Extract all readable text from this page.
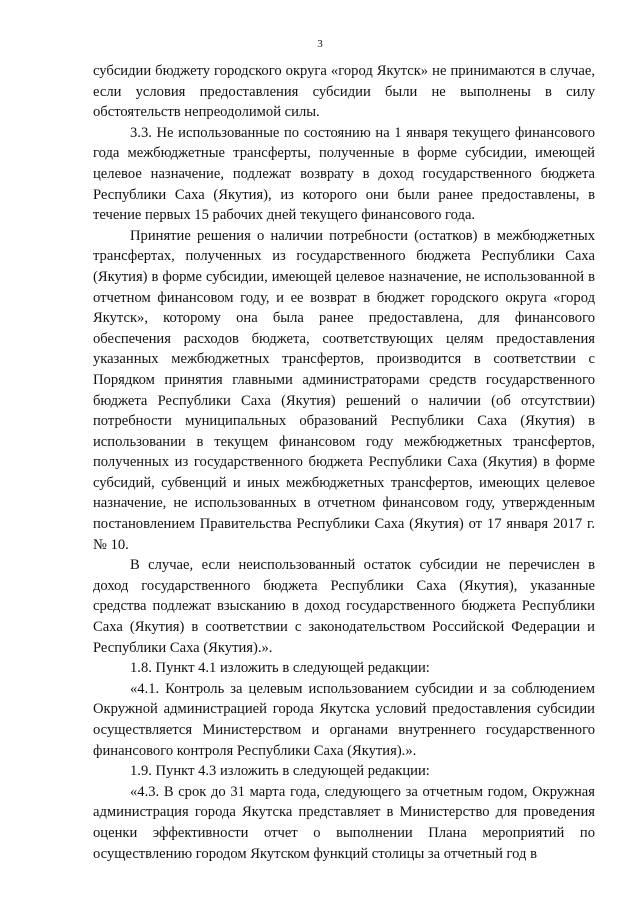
3

субсидии бюджету городского округа «город Якутск» не принимаются в случае, если условия предоставления субсидии были не выполнены в силу обстоятельств непреодолимой силы.

3.3. Не использованные по состоянию на 1 января текущего финансового года межбюджетные трансферты, полученные в форме субсидии, имеющей целевое назначение, подлежат возврату в доход государственного бюджета Республики Саха (Якутия), из которого они были ранее предоставлены, в течение первых 15 рабочих дней текущего финансового года.

Принятие решения о наличии потребности (остатков) в межбюджетных трансфертах, полученных из государственного бюджета Республики Саха (Якутия) в форме субсидии, имеющей целевое назначение, не использованной в отчетном финансовом году, и ее возврат в бюджет городского округа «город Якутск», которому она была ранее предоставлена, для финансового обеспечения расходов бюджета, соответствующих целям предоставления указанных межбюджетных трансфертов, производится в соответствии с Порядком принятия главными администраторами средств государственного бюджета Республики Саха (Якутия) решений о наличии (об отсутствии) потребности муниципальных образований Республики Саха (Якутия) в использовании в текущем финансовом году межбюджетных трансфертов, полученных из государственного бюджета Республики Саха (Якутия) в форме субсидий, субвенций и иных межбюджетных трансфертов, имеющих целевое назначение, не использованных в отчетном финансовом году, утвержденным постановлением Правительства Республики Саха (Якутия) от 17 января 2017 г. № 10.

В случае, если неиспользованный остаток субсидии не перечислен в доход государственного бюджета Республики Саха (Якутия), указанные средства подлежат взысканию в доход государственного бюджета Республики Саха (Якутия) в соответствии с законодательством Российской Федерации и Республики Саха (Якутия).».

1.8. Пункт 4.1 изложить в следующей редакции:

«4.1. Контроль за целевым использованием субсидии и за соблюдением Окружной администрацией города Якутска условий предоставления субсидии осуществляется Министерством и органами внутреннего государственного финансового контроля Республики Саха (Якутия).».

1.9. Пункт 4.3 изложить в следующей редакции:

«4.3. В срок до 31 марта года, следующего за отчетным годом, Окружная администрация города Якутска представляет в Министерство для проведения оценки эффективности отчет о выполнении Плана мероприятий по осуществлению городом Якутском функций столицы за отчетный год в
